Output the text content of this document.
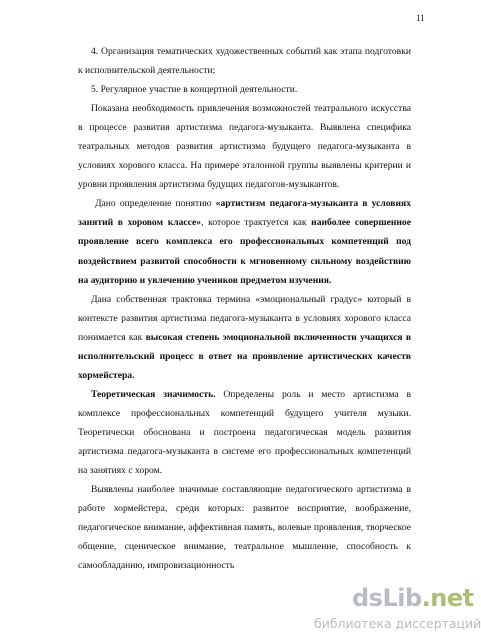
11

4. Организация тематических художественных событий как этапа подготовки к исполнительской деятельности;

5. Регулярное участие в концертной деятельности.

Показана необходимость привлечения возможностей театрального искусства в процессе развития артистизма педагога-музыканта. Выявлена специфика театральных методов развития артистизма будущего педагога-музыканта в условиях хорового класса. На примере эталонной группы выявлены критерии и уровни проявления артистизма будущих педагогов-музыкантов.

Дано определение понятию «артистизм педагога-музыканта в условиях занятий в хоровом классе», которое трактуется как наиболее совершенное проявление всего комплекса его профессиональных компетенций под воздействием развитой способности к мгновенному сильному воздействию на аудиторию и увлечению учеников предметом изучения.

Дана собственная трактовка термина «эмоциональный градус» который в контексте развития артистизма педагога-музыканта в условиях хорового класса понимается как высокая степень эмоциональной включенности учащихся в исполнительский процесс в ответ на проявление артистических качеств хормейстера.

Теоретическая значимость. Определены роль и место артистизма в комплексе профессиональных компетенций будущего учителя музыки. Теоретически обоснована и построена педагогическая модель развития артистизма педагога-музыканта в системе его профессиональных компетенций на занятиях с хором.

Выявлены наиболее значимые составляющие педагогического артистизма в работе хормейстера, среди которых: развитое восприятие, воображение, педагогическое внимание, аффективная память, волевые проявления, творческое общение, сценическое внимание, театральное мышление, способность к самообладанию, импровизационность

dsLib.net
библиотека диссертаций
